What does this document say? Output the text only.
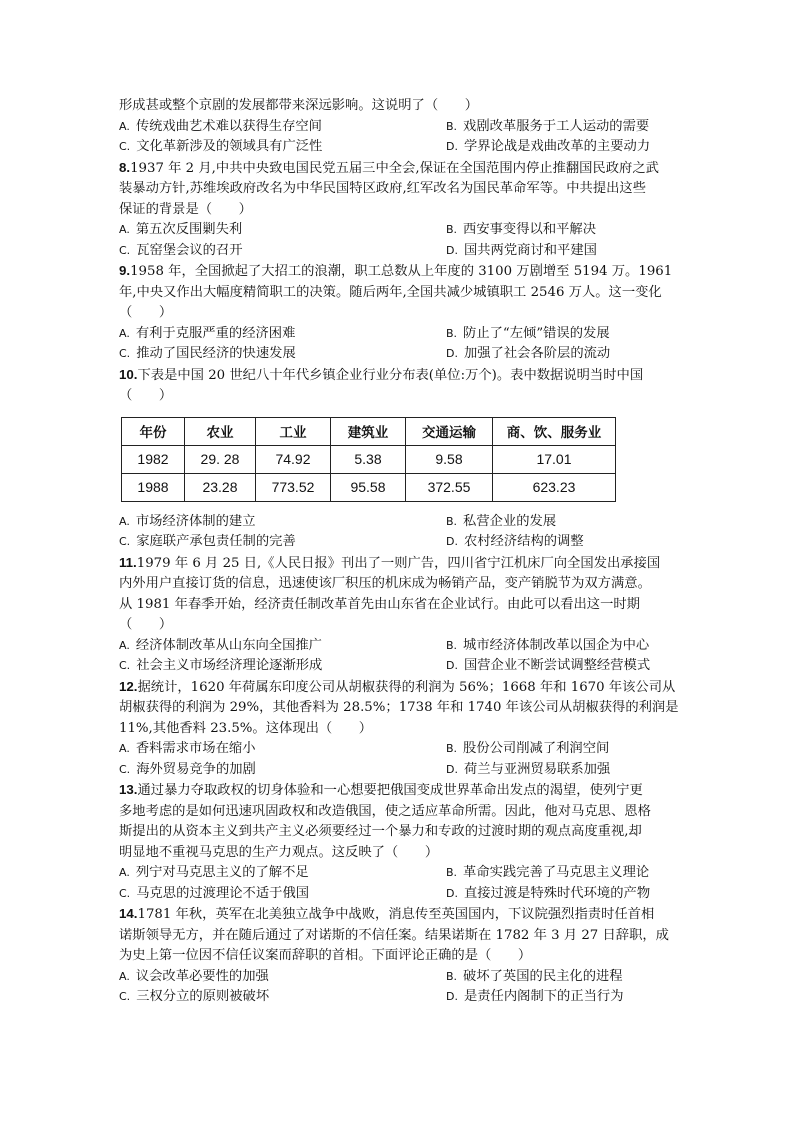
形成甚或整个京剧的发展都带来深远影响。这说明了（　　）
A. 传统戏曲艺术难以获得生存空间	B. 戏剧改革服务于工人运动的需要
C. 文化革新涉及的领域具有广泛性	D. 学界论战是戏曲改革的主要动力
8.1937 年 2 月,中共中央致电国民党五届三中全会,保证在全国范围内停止推翻国民政府之武
装暴动方针,苏维埃政府改名为中华民国特区政府,红军改名为国民革命军等。中共提出这些
保证的背景是（　　）
A. 第五次反围剿失利	B. 西安事变得以和平解决
C. 瓦窑堡会议的召开	D. 国共两党商讨和平建国
9.1958 年，全国掀起了大招工的浪潮，职工总数从上年度的 3100 万剧增至 5194 万。1961
年,中央又作出大幅度精简职工的决策。随后两年,全国共减少城镇职工 2546 万人。这一变化
（　　）
A. 有利于克服严重的经济困难	B. 防止了“左倾”错误的发展
C. 推动了国民经济的快速发展	D. 加强了社会各阶层的流动
10.下表是中国 20 世纪八十年代乡镇企业行业分布表(单位:万个)。表中数据说明当时中国
（　　）
年份	农业	工业	建筑业	交通运输	商、饮、服务业
1982	29. 28	74.92	5.38	9.58	17.01
1988	23.28	773.52	95.58	372.55	623.23
A. 市场经济体制的建立	B. 私营企业的发展
C. 家庭联产承包责任制的完善	D. 农村经济结构的调整
11.1979 年 6 月 25 日,《人民日报》刊出了一则广告，四川省宁江机床厂向全国发出承接国
内外用户直接订货的信息，迅速使该厂积压的机床成为畅销产品，变产销脱节为双方满意。
从 1981 年春季开始，经济责任制改革首先由山东省在企业试行。由此可以看出这一时期
（　　）
A. 经济体制改革从山东向全国推广	B. 城市经济体制改革以国企为中心
C. 社会主义市场经济理论逐渐形成	D. 国营企业不断尝试调整经营模式
12.据统计，1620 年荷属东印度公司从胡椒获得的利润为 56%；1668 年和 1670 年该公司从
胡椒获得的利润为 29%，其他香料为 28.5%；1738 年和 1740 年该公司从胡椒获得的利润是
11%,其他香料 23.5%。这体现出（　　）
A. 香料需求市场在缩小	B. 股份公司削减了利润空间
C. 海外贸易竞争的加剧	D. 荷兰与亚洲贸易联系加强
13.通过暴力夺取政权的切身体验和一心想要把俄国变成世界革命出发点的渴望，使列宁更
多地考虑的是如何迅速巩固政权和改造俄国，使之适应革命所需。因此，他对马克思、恩格
斯提出的从资本主义到共产主义必须要经过一个暴力和专政的过渡时期的观点高度重视,却
明显地不重视马克思的生产力观点。这反映了（　　）
A. 列宁对马克思主义的了解不足	B. 革命实践完善了马克思主义理论
C. 马克思的过渡理论不适于俄国	D. 直接过渡是特殊时代环境的产物
14.1781 年秋，英军在北美独立战争中战败，消息传至英国国内，下议院强烈指责时任首相
诺斯领导无方，并在随后通过了对诺斯的不信任案。结果诺斯在 1782 年 3 月 27 日辞职，成
为史上第一位因不信任议案而辞职的首相。下面评论正确的是（　　）
A. 议会改革必要性的加强	B. 破坏了英国的民主化的进程
C. 三权分立的原则被破坏	D. 是责任内阁制下的正当行为
